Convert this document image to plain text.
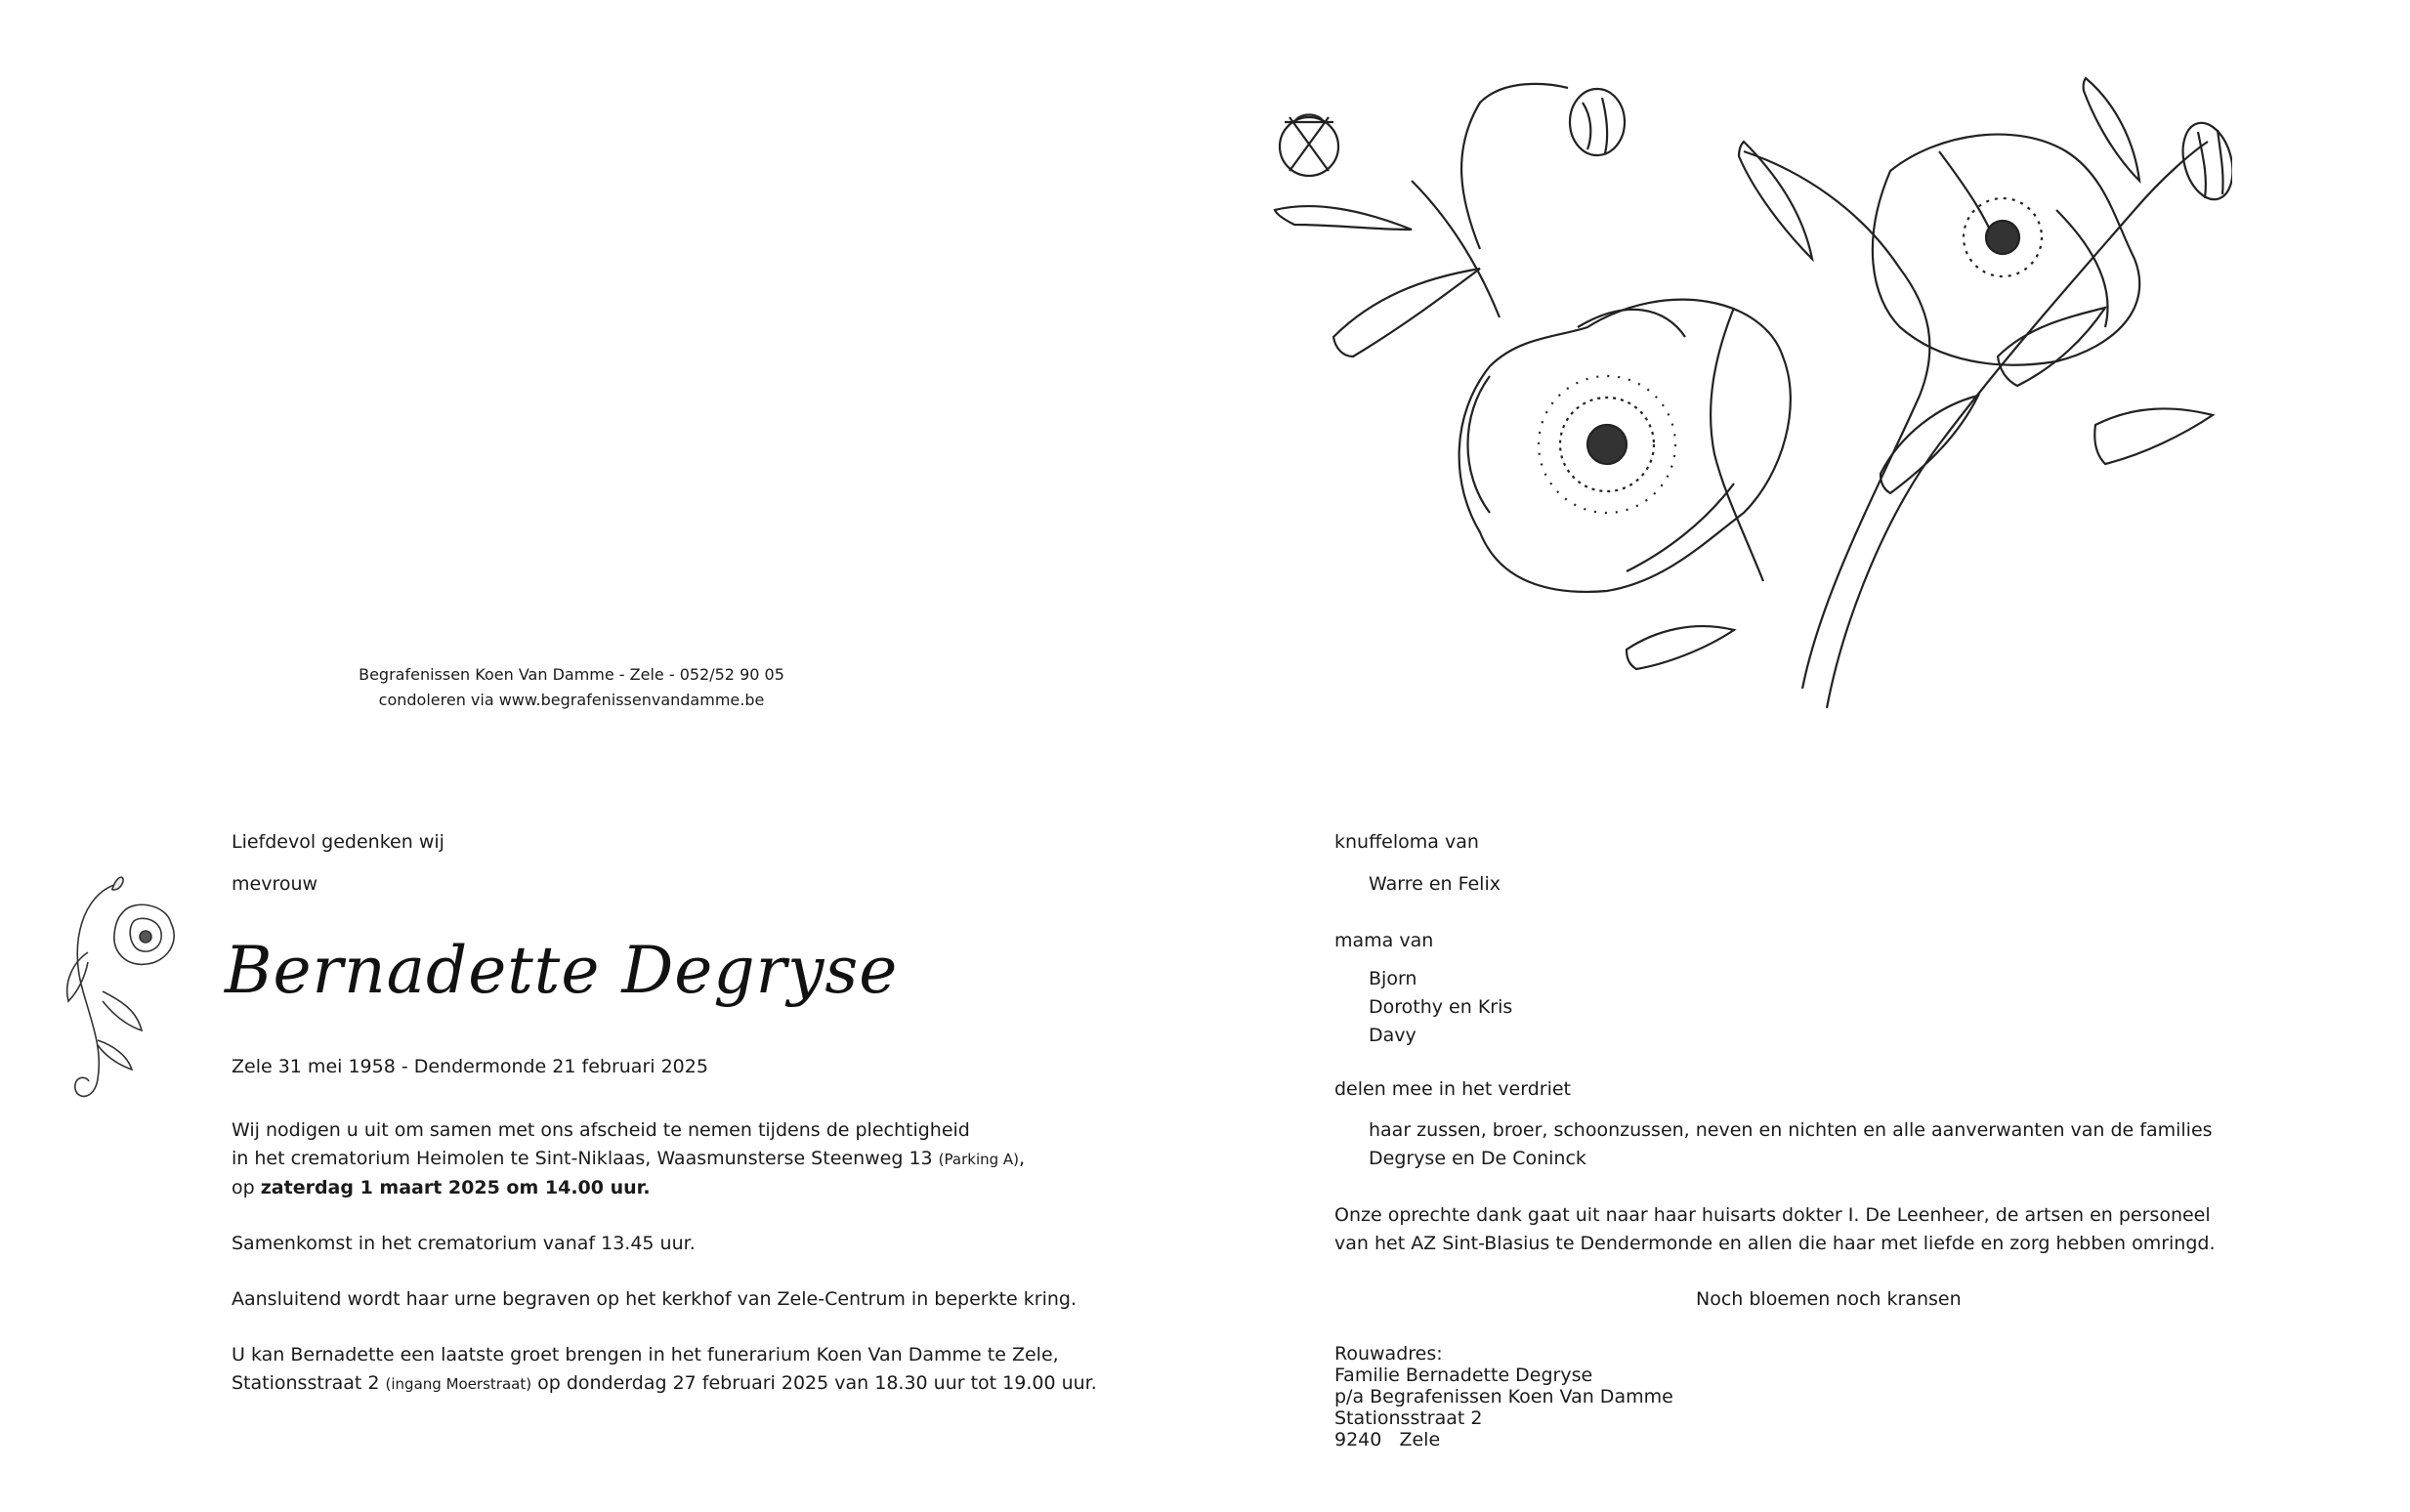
Begrafenissen Koen Van Damme - Zele - 052/52 90 05
condoleren via www.begrafenissenvandamme.be
Liefdevol gedenken wij
mevrouw
Bernadette Degryse
Zele 31 mei 1958 - Dendermonde 21 februari 2025
Wij nodigen u uit om samen met ons afscheid te nemen tijdens de plechtigheid
in het crematorium Heimolen te Sint-Niklaas, Waasmunsterse Steenweg 13 (Parking A),
op zaterdag 1 maart 2025 om 14.00 uur.
Samenkomst in het crematorium vanaf 13.45 uur.
Aansluitend wordt haar urne begraven op het kerkhof van Zele-Centrum in beperkte kring.
U kan Bernadette een laatste groet brengen in het funerarium Koen Van Damme te Zele,
Stationsstraat 2 (ingang Moerstraat) op donderdag 27 februari 2025 van 18.30 uur tot 19.00 uur.
knuffeloma van
Warre en Felix
mama van
Bjorn
Dorothy en Kris
Davy
delen mee in het verdriet
haar zussen, broer, schoonzussen, neven en nichten en alle aanverwanten van de families
Degryse en De Coninck
Onze oprechte dank gaat uit naar haar huisarts dokter I. De Leenheer, de artsen en personeel
van het AZ Sint-Blasius te Dendermonde en allen die haar met liefde en zorg hebben omringd.
Noch bloemen noch kransen
Rouwadres:
Familie Bernadette Degryse
p/a Begrafenissen Koen Van Damme
Stationsstraat 2
9240   Zele
